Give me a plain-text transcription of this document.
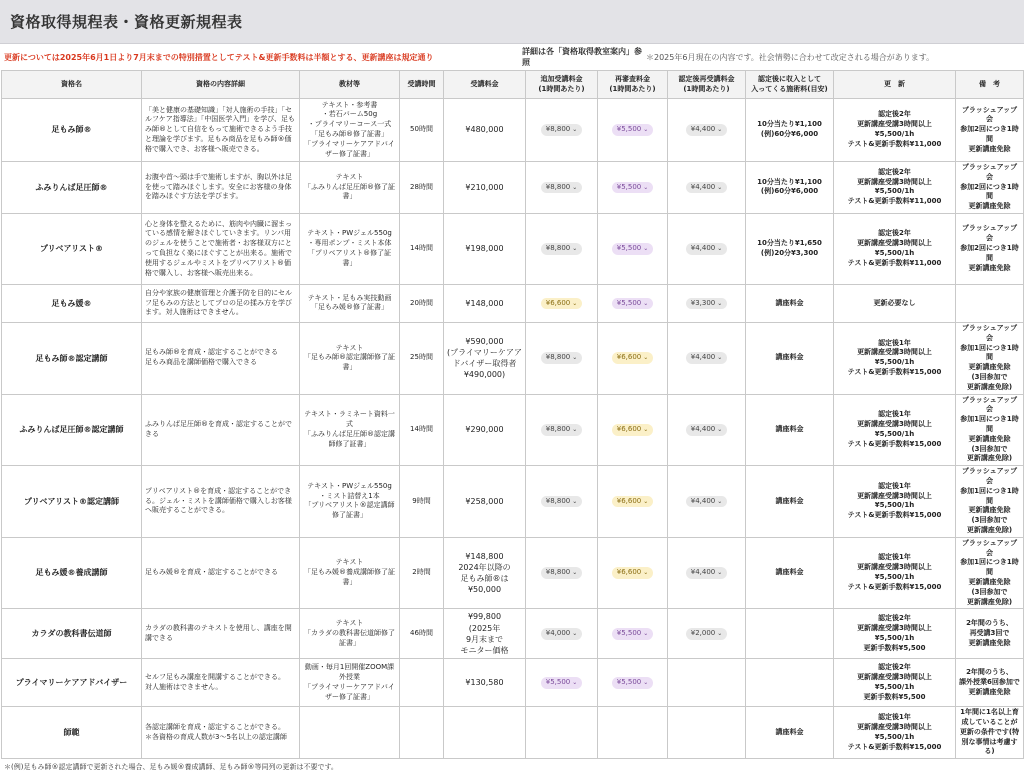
資格取得規程表・資格更新規程表
更新については2025年6月1日より7月末までの特別措置としてテスト&更新手数料は半額とする、更新講座は規定通り
詳細は各「資格取得教室案内」参照
＊2025年6月現在の内容です。社会情勢に合わせて改定される場合があります。
資格名	資格の内容詳細	教材等	受講時間	受講料金	追加受講料金
(1時間あたり)	再審査料金
(1時間あたり)	認定後再受講料金
(1時間あたり)	認定後に収入として
入ってくる施術料(目安)	更　新	備　考
足もみ師®	「美と健康の基礎知識」「対人施術の手技」「セルフケア指導法」「中国医学入門」を学び、足もみ師®として自信をもって施術できるよう手技と理論を学びます。足もみ商品を足もみ師®価格で購入でき、お客様へ販売できる。	テキスト・参考書
・若石バーム50g
・プライマリーコース一式
「足もみ師®修了証書」
「プライマリーケアアドバイザー修了証書」	50時間	¥480,000	¥8,800 ⌄	¥5,500 ⌄	¥4,400 ⌄	10分当たり¥1,100
(例)60分¥6,000	認定後2年
更新講座受講3時間以上
¥5,500/1h
テスト&更新手数料¥11,000	ブラッシュアップ会
参加2回につき1時間
更新講座免除
ふみりんば足圧師®	お腹や首～頭は手で施術しますが、胸以外は足を使って踏みほぐします。安全にお客様の身体を踏みほぐす方法を学びます。	テキスト
「ふみりんば足圧師®修了証書」	28時間	¥210,000	¥8,800 ⌄	¥5,500 ⌄	¥4,400 ⌄	10分当たり¥1,100
(例)60分¥6,000	認定後2年
更新講座受講3時間以上
¥5,500/1h
テスト&更新手数料¥11,000	ブラッシュアップ会
参加2回につき1時間
更新講座免除
プリベアリスト®	心と身体を整えるために、筋肉や内臓に溜まっている感情を解きほぐしていきます。リンパ用のジェルを使うことで施術者・お客様双方にとって負担なく楽にほぐすことが出来る。施術で使用するジェルやミストをプリベアリスト®価格で購入し、お客様へ販売出来る。	テキスト・PWジェル550g
・専用ポンプ・ミスト本体
「プリベアリスト®修了証書」	14時間	¥198,000	¥8,800 ⌄	¥5,500 ⌄	¥4,400 ⌄	10分当たり¥1,650
(例)20分¥3,300	認定後2年
更新講座受講3時間以上
¥5,500/1h
テスト&更新手数料¥11,000	ブラッシュアップ会
参加2回につき1時間
更新講座免除
足もみ媛®	自分や家族の健康管理と介護予防を目的にセルフ足もみの方法としてプロの足の揉み方を学びます。対人施術はできません。	テキスト・足もみ実技動画
「足もみ媛®修了証書」	20時間	¥148,000	¥6,600 ⌄	¥5,500 ⌄	¥3,300 ⌄	講座料金	更新必要なし	
足もみ師®認定講師	足もみ師®を育成・認定することができる
足もみ商品を講師価格で購入できる	テキスト
「足もみ師®認定講師修了証書」	25時間	¥590,000
(プライマリーケアアドバイザー取得者¥490,000)	¥8,800 ⌄	¥6,600 ⌄	¥4,400 ⌄	講座料金	認定後1年
更新講座受講3時間以上
¥5,500/1h
テスト&更新手数料¥15,000	ブラッシュアップ会
参加1回につき1時間
更新講座免除
(3回参加で
更新講座免除)
ふみりんば足圧師®認定講師	ふみりんば足圧師®を育成・認定することができる	テキスト・ラミネート資料一式
「ふみりんば足圧師®認定講師修了証書」	14時間	¥290,000	¥8,800 ⌄	¥6,600 ⌄	¥4,400 ⌄	講座料金	認定後1年
更新講座受講3時間以上
¥5,500/1h
テスト&更新手数料¥15,000	ブラッシュアップ会
参加1回につき1時間
更新講座免除
(3回参加で
更新講座免除)
プリベアリスト®認定講師	プリベアリスト®を育成・認定することができる。ジェル・ミストを講師価格で購入しお客様へ販売することができる。	テキスト・PWジェル550g
・ミスト詰替え1本
「プリベアリスト®認定講師修了証書」	9時間	¥258,000	¥8,800 ⌄	¥6,600 ⌄	¥4,400 ⌄	講座料金	認定後1年
更新講座受講3時間以上
¥5,500/1h
テスト&更新手数料¥15,000	ブラッシュアップ会
参加1回につき1時間
更新講座免除
(3回参加で
更新講座免除)
足もみ媛®養成講師	足もみ媛®を育成・認定することができる	テキスト
「足もみ媛®養成講師修了証書」	2時間	¥148,800
2024年以降の
足もみ師®は
¥50,000	¥8,800 ⌄	¥6,600 ⌄	¥4,400 ⌄	講座料金	認定後1年
更新講座受講3時間以上
¥5,500/1h
テスト&更新手数料¥15,000	ブラッシュアップ会
参加1回につき1時間
更新講座免除
(3回参加で
更新講座免除)
カラダの教科書伝道師	カラダの教科書のテキストを使用し、講座を開講できる	テキスト
「カラダの教科書伝道師修了証書」	46時間	¥99,800
(2025年
9月末まで
モニター価格	¥4,000 ⌄	¥5,500 ⌄	¥2,000 ⌄		認定後2年
更新講座受講3時間以上
¥5,500/1h
更新手数料¥5,500	2年間のうち、
再受講3回で
更新講座免除
プライマリーケアアドバイザー	セルフ足もみ講座を開講することができる。
対人施術はできません。	動画・毎月1回開催ZOOM課外授業
「プライマリーケアアドバイザー修了証書」		¥130,580	¥5,500 ⌄	¥5,500 ⌄			認定後2年
更新講座受講3時間以上
¥5,500/1h
更新手数料¥5,500	2年間のうち、
課外授業6回参加で
更新講座免除
師範	各認定講師を育成・認定することができる。
＊各資格の育成人数が3～5名以上の認定講師							講座料金	認定後1年
更新講座受講3時間以上
¥5,500/1h
テスト&更新手数料¥15,000	1年間に1名以上育成していることが更新の条件です(特別な事情は考慮する)
＊(例)足もみ師®認定講師で更新された場合、足もみ媛®養成講師、足もみ師®等同列の更新は不要です。
